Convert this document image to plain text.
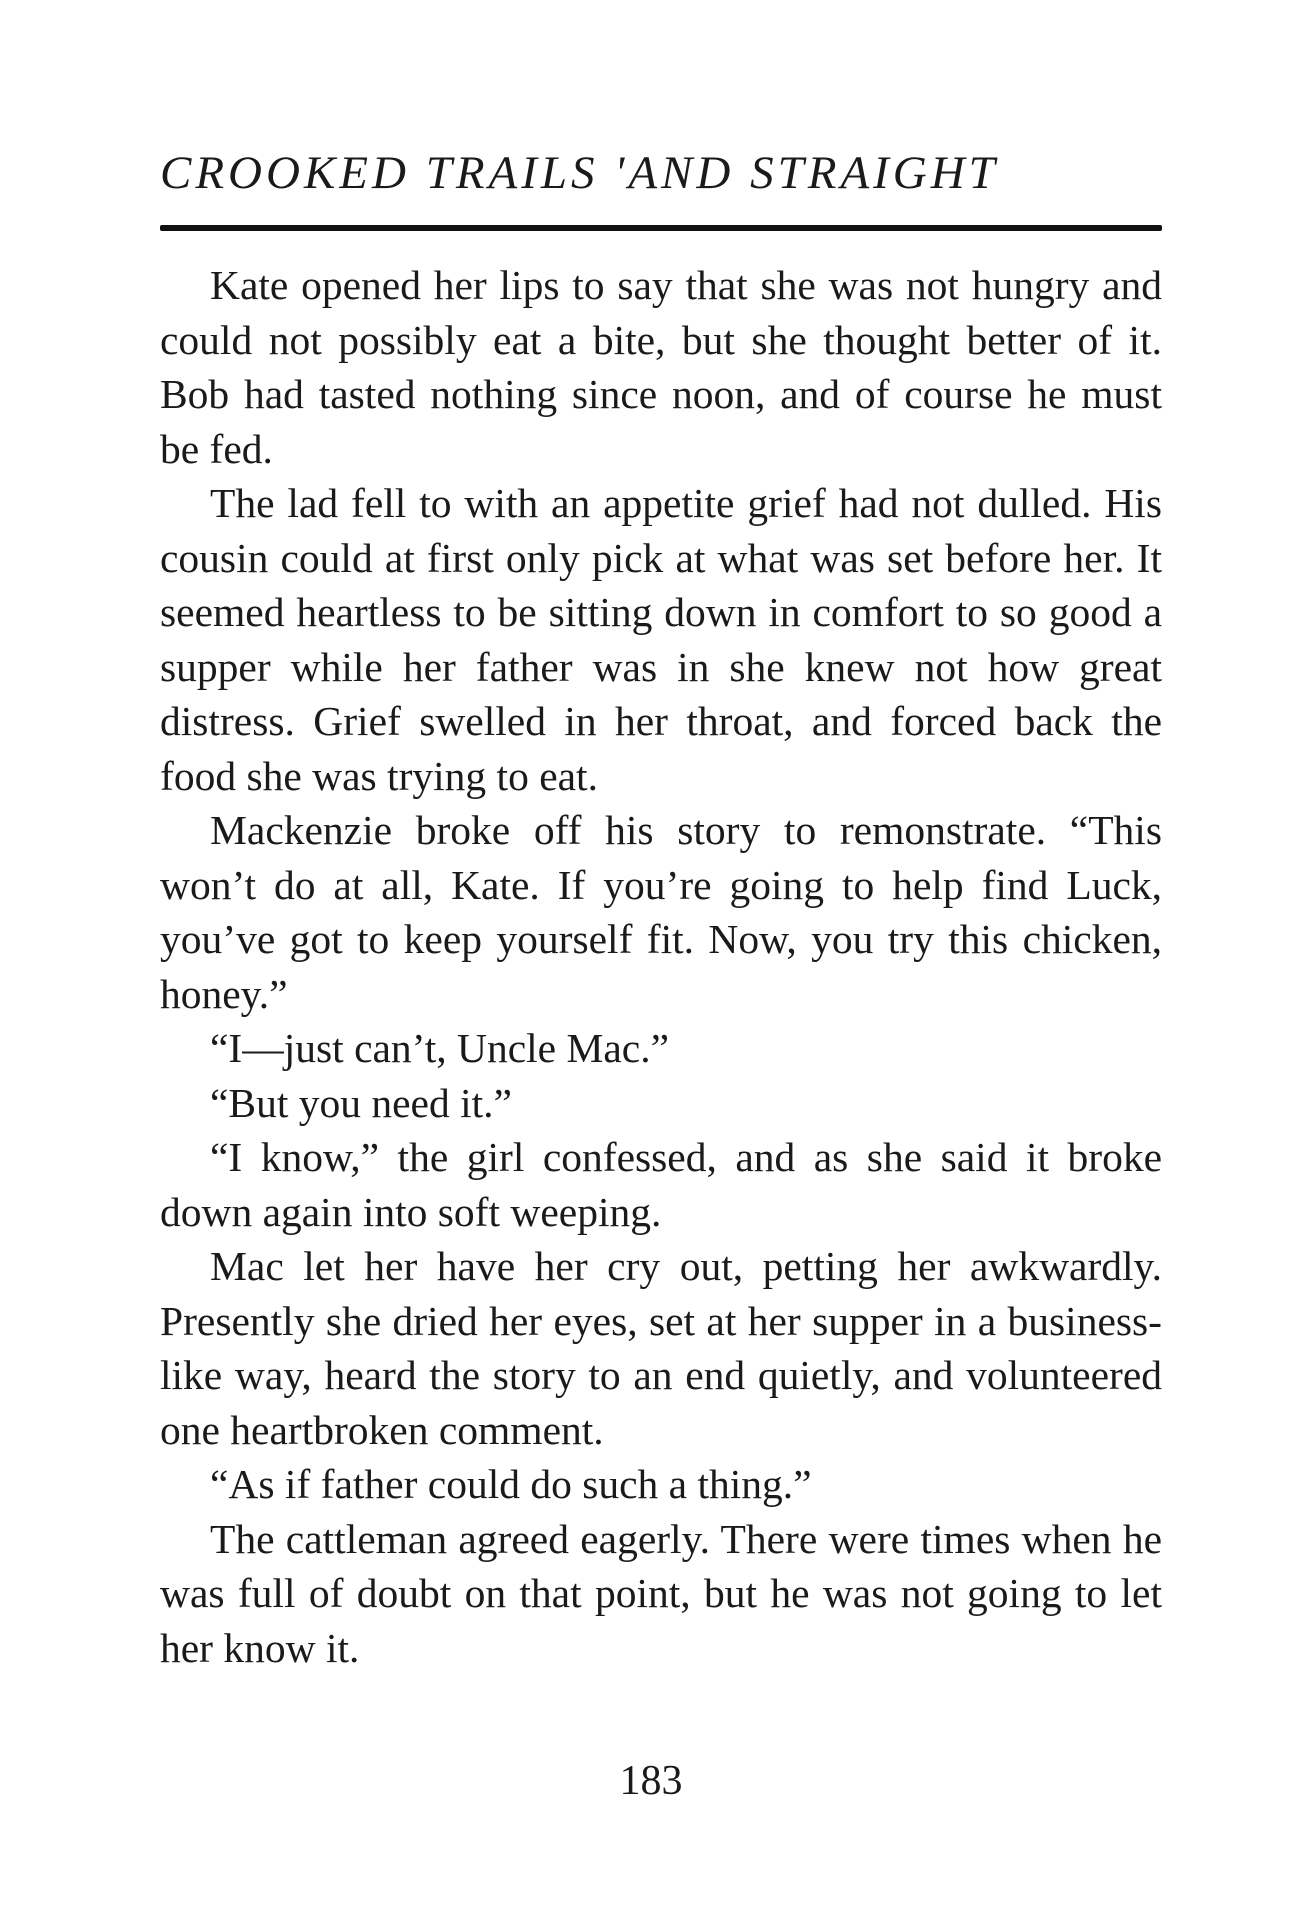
CROOKED TRAILS ʹAND STRAIGHT

Kate opened her lips to say that she was not hungry and could not possibly eat a bite, but she thought better of it. Bob had tasted nothing since noon, and of course he must be fed.

The lad fell to with an appetite grief had not dulled. His cousin could at first only pick at what was set before her. It seemed heartless to be sitting down in comfort to so good a supper while her father was in she knew not how great distress. Grief swelled in her throat, and forced back the food she was trying to eat.

Mackenzie broke off his story to remonstrate. “This won’t do at all, Kate. If you’re going to help find Luck, you’ve got to keep yourself fit. Now, you try this chicken, honey.”

“I—just can’t, Uncle Mac.”

“But you need it.”

“I know,” the girl confessed, and as she said it broke down again into soft weeping.

Mac let her have her cry out, petting her awkwardly. Presently she dried her eyes, set at her supper in a business-like way, heard the story to an end quietly, and volunteered one heartbroken comment.

“As if father could do such a thing.”

The cattleman agreed eagerly. There were times when he was full of doubt on that point, but he was not going to let her know it.

183
